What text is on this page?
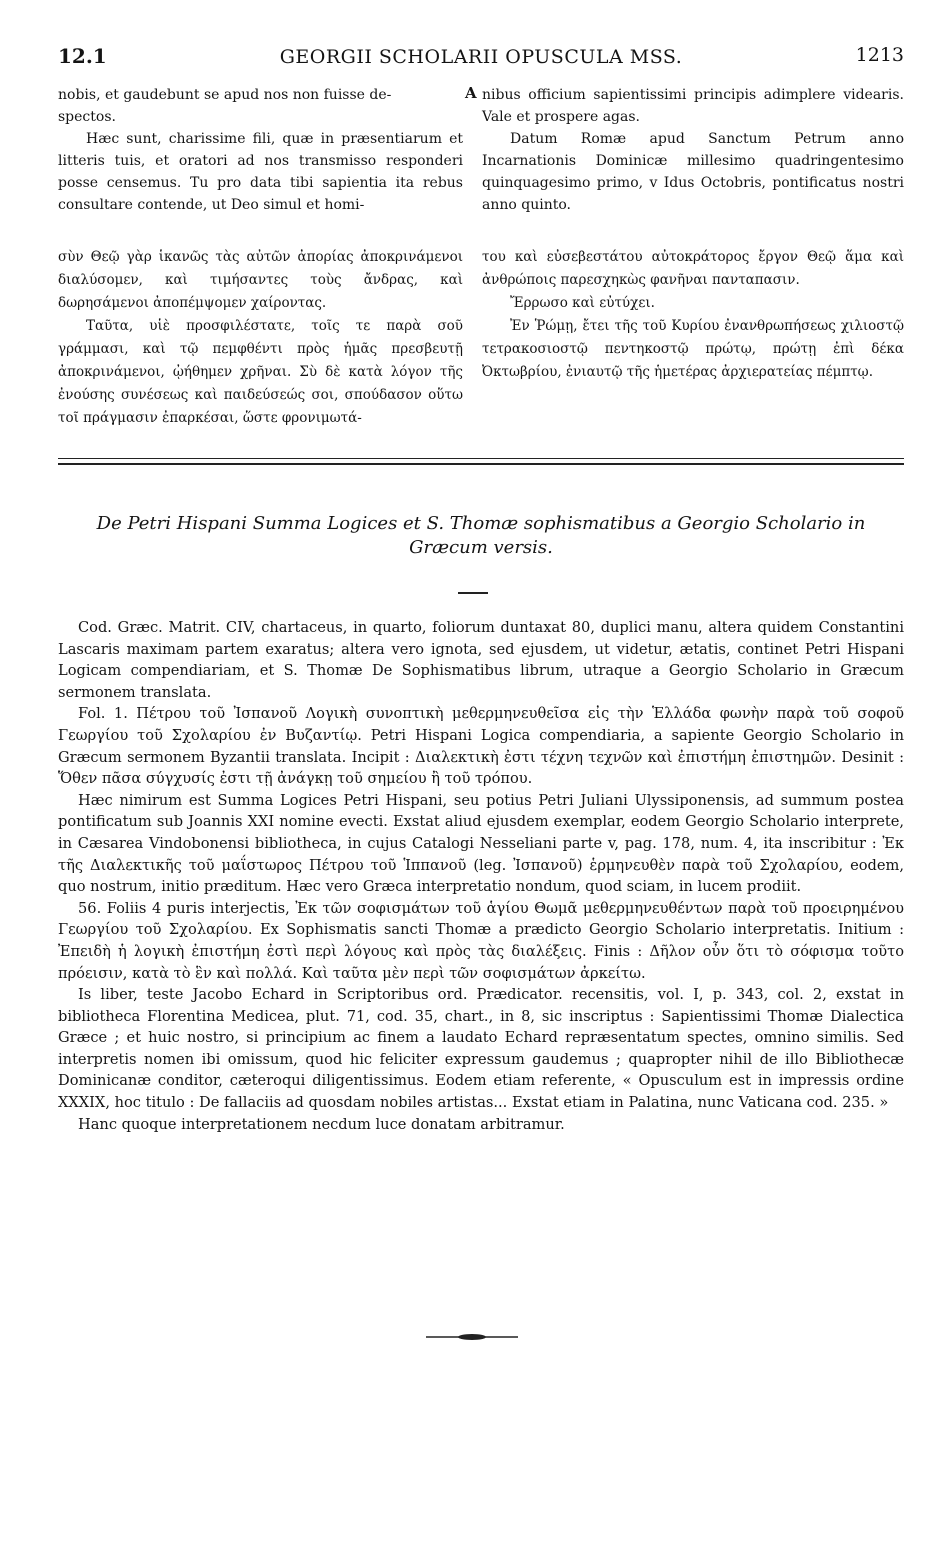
12.1	GEORGII SCHOLARII OPUSCULA MSS.	1213

nobis, et gaudebunt se apud nos non fuisse de-

spectos.

Hæc sunt, charissime fili, quæ in præsentiarum et litteris tuis, et oratori ad nos transmisso responderi posse censemus. Tu pro data tibi sapientia ita rebus consultare contende, ut Deo simul et homi-

A nibus officium sapientissimi principis adimplere videaris. Vale et prospere agas.

Datum Romæ apud Sanctum Petrum anno Incarnationis Dominicæ millesimo quadringentesimo quinquagesimo primo, v Idus Octobris, pontificatus nostri anno quinto.

σὺν Θεῷ γὰρ ἱκανῶς τὰς αὐτῶν ἀπορίας ἀποκρινάμενοι διαλύσομεν, καὶ τιμήσαντες τοὺς ἄνδρας, καὶ δωρησάμενοι ἀποπέμψομεν χαίροντας.

Ταῦτα, υἱὲ προσφιλέστατε, τοῖς τε παρὰ σοῦ γράμμασι, καὶ τῷ πεμφθέντι πρὸς ἡμᾶς πρεσβευτῇ ἀποκρινάμενοι, ᾠήθημεν χρῆναι. Σὺ δὲ κατὰ λόγον τῆς ἐνούσης συνέσεως καὶ παιδεύσεώς σοι, σπούδασον οὕτω τοῖ πράγμασιν ἐπαρκέσαι, ὥστε φρονιμωτά-

του καὶ εὐσεβεστάτου αὐτοκράτορος ἔργον Θεῷ ἅμα καὶ ἀνθρώποις παρεσχηκὼς φανῆναι πανταπασιν.

Ἔρρωσο καὶ εὐτύχει.

Ἐν Ῥώμῃ, ἔτει τῆς τοῦ Κυρίου ἐνανθρωπήσεως χιλιοστῷ τετρακοσιοστῷ πεντηκοστῷ πρώτῳ, πρώτῃ ἐπὶ δέκα Ὀκτωβρίου, ἐνιαυτῷ τῆς ἡμετέρας ἀρχιερατείας πέμπτῳ.

De Petri Hispani Summa Logices et S. Thomæ sophismatibus a Georgio Scholario in Græcum versis.

Cod. Græc. Matrit. CIV, chartaceus, in quarto, foliorum duntaxat 80, duplici manu, altera quidem Constantini Lascaris maximam partem exaratus; altera vero ignota, sed ejusdem, ut videtur, ætatis, continet Petri Hispani Logicam compendiariam, et S. Thomæ De Sophismatibus librum, utraque a Georgio Scholario in Græcum sermonem translata.

Fol. 1. Πέτρου τοῦ Ἰσπανοῦ Λογικὴ συνοπτικὴ μεθερμηνευθεῖσα εἰς τὴν Ἑλλάδα φωνὴν παρὰ τοῦ σοφοῦ Γεωργίου τοῦ Σχολαρίου ἐν Βυζαντίῳ. Petri Hispani Logica compendiaria, a sapiente Georgio Scholario in Græcum sermonem Byzantii translata. Incipit : Διαλεκτικὴ ἐστι τέχνη τεχνῶν καὶ ἐπιστήμη ἐπιστημῶν. Desinit : Ὅθεν πᾶσα σύγχυσίς ἐστι τῇ ἀνάγκῃ τοῦ σημείου ἢ τοῦ τρόπου.

Hæc nimirum est Summa Logices Petri Hispani, seu potius Petri Juliani Ulyssiponensis, ad summum postea pontificatum sub Joannis XXI nomine evecti. Exstat aliud ejusdem exemplar, eodem Georgio Scholario interprete, in Cæsarea Vindobonensi bibliotheca, in cujus Catalogi Nesseliani parte v, pag. 178, num. 4, ita inscribitur : Ἐκ τῆς Διαλεκτικῆς τοῦ μαΐστωρος Πέτρου τοῦ Ἱππανοῦ (leg. Ἰσπανοῦ) ἑρμηνευθὲν παρὰ τοῦ Σχολαρίου, eodem, quo nostrum, initio præditum. Hæc vero Græca interpretatio nondum, quod sciam, in lucem prodiit.

56. Foliis 4 puris interjectis, Ἐκ τῶν σοφισμάτων τοῦ ἁγίου Θωμᾶ μεθερμηνευθέντων παρὰ τοῦ προειρημένου Γεωργίου τοῦ Σχολαρίου. Ex Sophismatis sancti Thomæ a prædicto Georgio Scholario interpretatis. Initium : Ἐπειδὴ ἡ λογικὴ ἐπιστήμη ἐστὶ περὶ λόγους καὶ πρὸς τὰς διαλέξεις. Finis : Δῆλον οὖν ὅτι τὸ σόφισμα τοῦτο πρόεισιν, κατὰ τὸ ἓν καὶ πολλά. Καὶ ταῦτα μὲν περὶ τῶν σοφισμάτων ἀρκείτω.

Is liber, teste Jacobo Echard in Scriptoribus ord. Prædicator. recensitis, vol. I, p. 343, col. 2, exstat in bibliotheca Florentina Medicea, plut. 71, cod. 35, chart., in 8, sic inscriptus : Sapientissimi Thomæ Dialectica Græce ; et huic nostro, si principium ac finem a laudato Echard repræsentatum spectes, omnino similis. Sed interpretis nomen ibi omissum, quod hic feliciter expressum gaudemus ; quapropter nihil de illo Bibliothecæ Dominicanæ conditor, cæteroqui diligentissimus. Eodem etiam referente, « Opusculum est in impressis ordine XXXIX, hoc titulo : De fallaciis ad quosdam nobiles artistas... Exstat etiam in Palatina, nunc Vaticana cod. 235. »

Hanc quoque interpretationem necdum luce donatam arbitramur.
